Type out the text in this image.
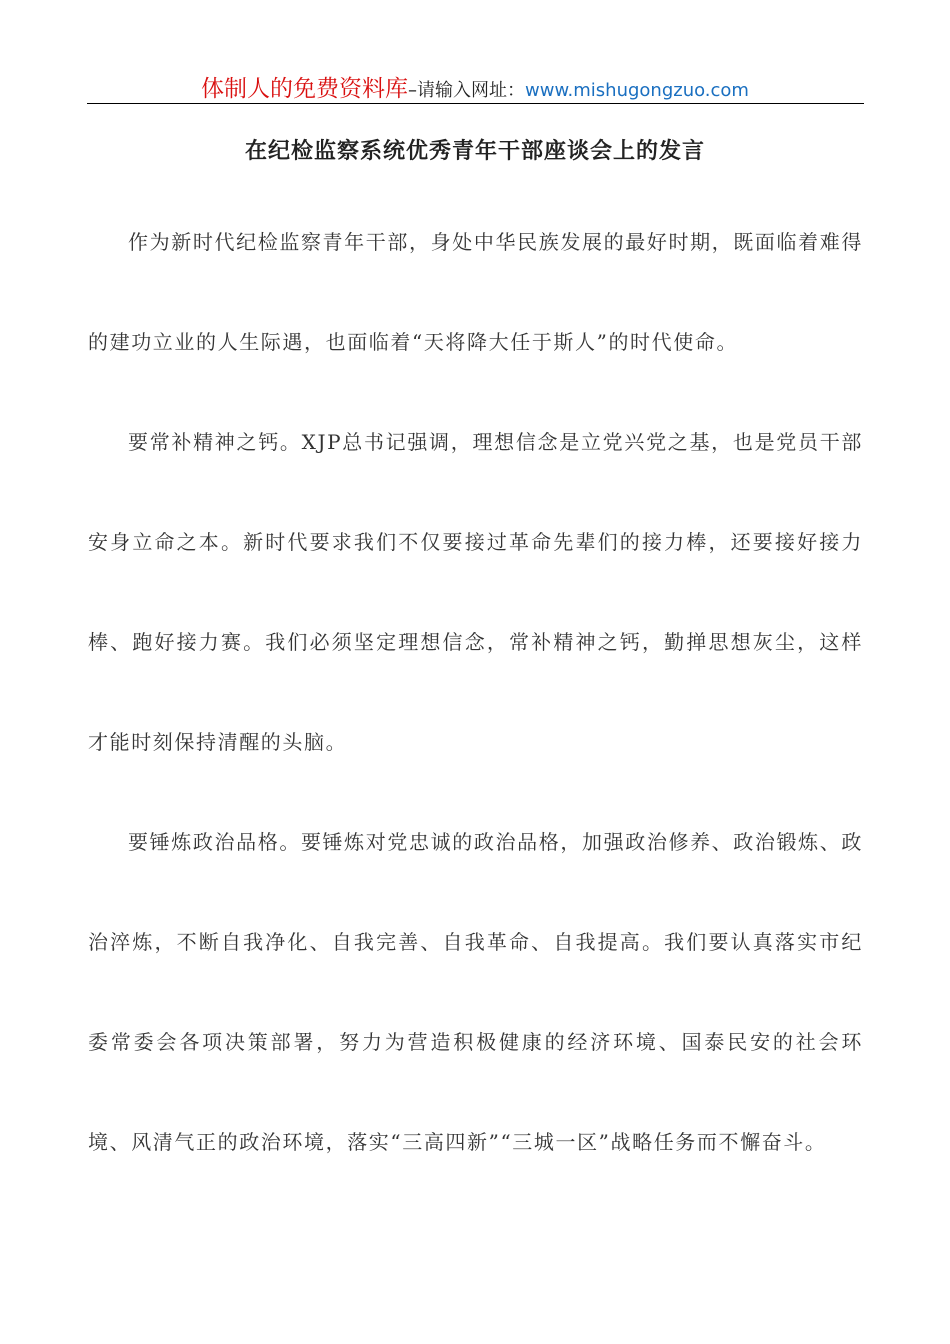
体制人的免费资料库–请输入网址：www.mishugongzuo.com
在纪检监察系统优秀青年干部座谈会上的发言

作为新时代纪检监察青年干部，身处中华民族发展的最好时期，既面临着难得的建功立业的人生际遇，也面临着“天将降大任于斯人”的时代使命。

要常补精神之钙。XJP总书记强调，理想信念是立党兴党之基，也是党员干部安身立命之本。新时代要求我们不仅要接过革命先辈们的接力棒，还要接好接力棒、跑好接力赛。我们必须坚定理想信念，常补精神之钙，勤掸思想灰尘，这样才能时刻保持清醒的头脑。

要锤炼政治品格。要锤炼对党忠诚的政治品格，加强政治修养、政治锻炼、政治淬炼，不断自我净化、自我完善、自我革命、自我提高。我们要认真落实市纪委常委会各项决策部署，努力为营造积极健康的经济环境、国泰民安的社会环境、风清气正的政治环境，落实“三高四新”“三城一区”战略任务而不懈奋斗。
